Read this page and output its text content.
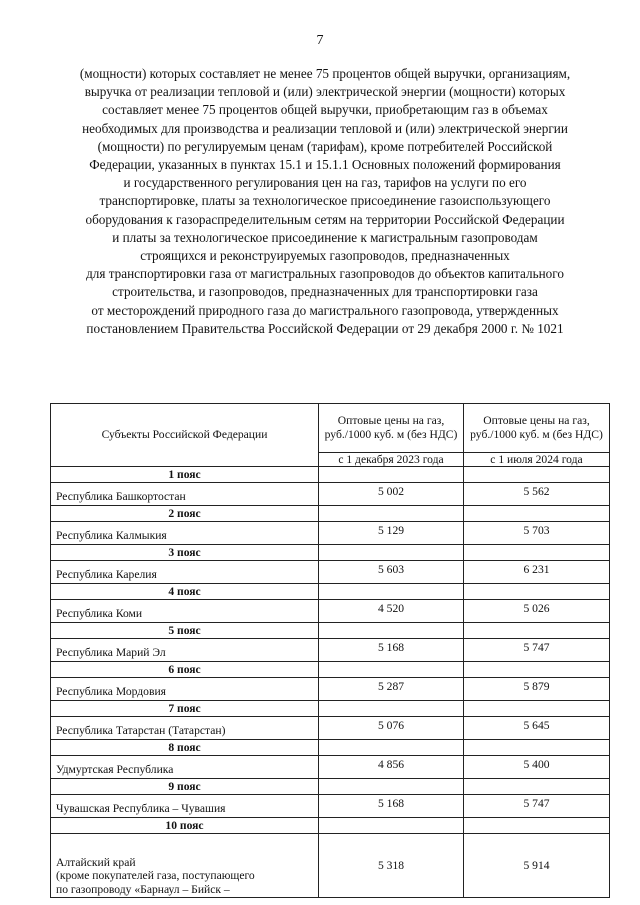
7
(мощности) которых составляет не менее 75 процентов общей выручки, организациям,
выручка от реализации тепловой и (или) электрической энергии (мощности) которых
составляет менее 75 процентов общей выручки, приобретающим газ в объемах
необходимых для производства и реализации тепловой и (или) электрической энергии
(мощности) по регулируемым ценам (тарифам), кроме потребителей Российской
Федерации, указанных в пунктах 15.1 и 15.1.1 Основных положений формирования
и государственного регулирования цен на газ, тарифов на услуги по его
транспортировке, платы за технологическое присоединение газоиспользующего
оборудования к газораспределительным сетям на территории Российской Федерации
и платы за технологическое присоединение к магистральным газопроводам
строящихся и реконструируемых газопроводов, предназначенных
для транспортировки газа от магистральных газопроводов до объектов капитального
строительства, и газопроводов, предназначенных для транспортировки газа
от месторождений природного газа до магистрального газопровода, утвержденных
постановлением Правительства Российской Федерации от 29 декабря 2000 г. № 1021
Субъекты Российской Федерации	Оптовые цены на газ, руб./1000 куб. м (без НДС)	Оптовые цены на газ, руб./1000 куб. м (без НДС)
	с 1 декабря 2023 года	с 1 июля 2024 года
1 пояс		
Республика Башкортостан	5 002	5 562
2 пояс		
Республика Калмыкия	5 129	5 703
3 пояс		
Республика Карелия	5 603	6 231
4 пояс		
Республика Коми	4 520	5 026
5 пояс		
Республика Марий Эл	5 168	5 747
6 пояс		
Республика Мордовия	5 287	5 879
7 пояс		
Республика Татарстан (Татарстан)	5 076	5 645
8 пояс		
Удмуртская Республика	4 856	5 400
9 пояс		
Чувашская Республика – Чувашия	5 168	5 747
10 пояс		

Алтайский край
(кроме покупателей газа, поступающего
по газопроводу «Барнаул – Бийск –	5 318	5 914
